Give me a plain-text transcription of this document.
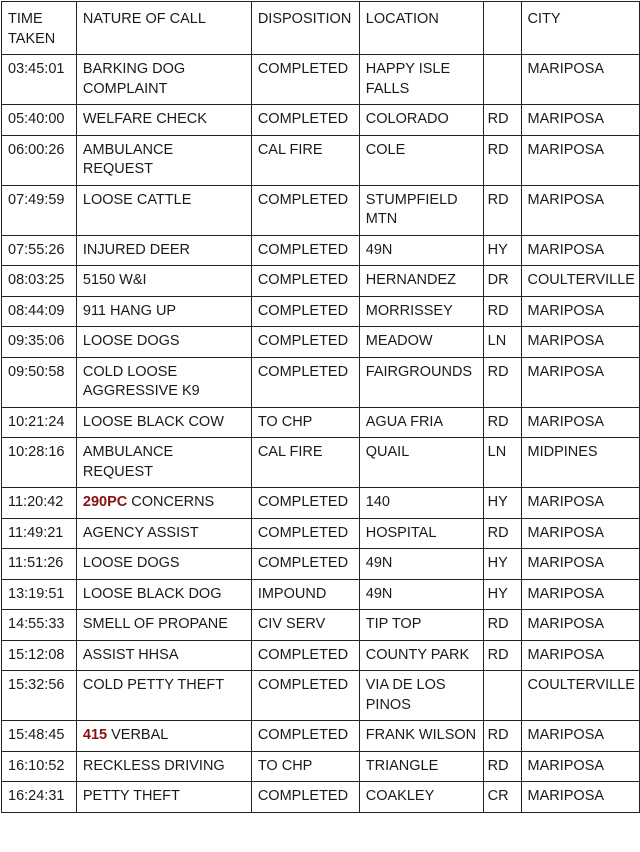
TIME TAKEN	NATURE OF CALL	DISPOSITION	LOCATION		CITY
03:45:01	BARKING DOG COMPLAINT	COMPLETED	HAPPY ISLE FALLS		MARIPOSA
05:40:00	WELFARE CHECK	COMPLETED	COLORADO	RD	MARIPOSA
06:00:26	AMBULANCE REQUEST	CAL FIRE	COLE	RD	MARIPOSA
07:49:59	LOOSE CATTLE	COMPLETED	STUMPFIELD MTN	RD	MARIPOSA
07:55:26	INJURED DEER	COMPLETED	49N	HY	MARIPOSA
08:03:25	5150 W&I	COMPLETED	HERNANDEZ	DR	COULTERVILLE
08:44:09	911 HANG UP	COMPLETED	MORRISSEY	RD	MARIPOSA
09:35:06	LOOSE DOGS	COMPLETED	MEADOW	LN	MARIPOSA
09:50:58	COLD LOOSE AGGRESSIVE K9	COMPLETED	FAIRGROUNDS	RD	MARIPOSA
10:21:24	LOOSE BLACK COW	TO CHP	AGUA FRIA	RD	MARIPOSA
10:28:16	AMBULANCE REQUEST	CAL FIRE	QUAIL	LN	MIDPINES
11:20:42	290PC CONCERNS	COMPLETED	140	HY	MARIPOSA
11:49:21	AGENCY ASSIST	COMPLETED	HOSPITAL	RD	MARIPOSA
11:51:26	LOOSE DOGS	COMPLETED	49N	HY	MARIPOSA
13:19:51	LOOSE BLACK DOG	IMPOUND	49N	HY	MARIPOSA
14:55:33	SMELL OF PROPANE	CIV SERV	TIP TOP	RD	MARIPOSA
15:12:08	ASSIST HHSA	COMPLETED	COUNTY PARK	RD	MARIPOSA
15:32:56	COLD PETTY THEFT	COMPLETED	VIA DE LOS PINOS		COULTERVILLE
15:48:45	415 VERBAL	COMPLETED	FRANK WILSON	RD	MARIPOSA
16:10:52	RECKLESS DRIVING	TO CHP	TRIANGLE	RD	MARIPOSA
16:24:31	PETTY THEFT	COMPLETED	COAKLEY	CR	MARIPOSA
